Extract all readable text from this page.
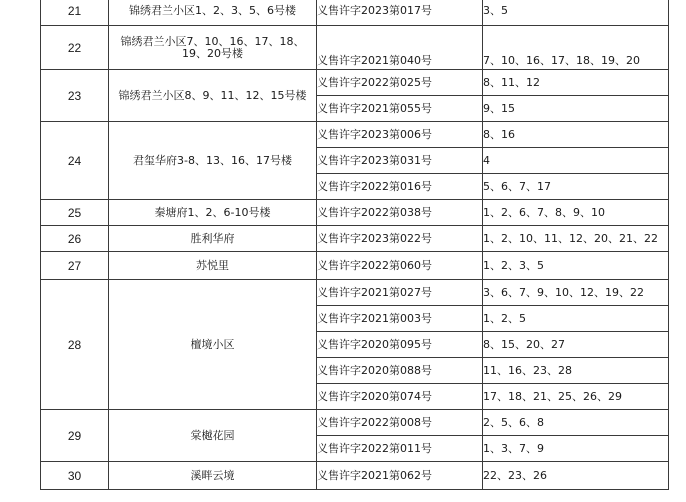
21	锦绣君兰小区1、2、3、5、6号楼	义售许字2023第017号	3、5
22	锦绣君兰小区7、10、16、17、18、19、20号楼	义售许字2021第040号	7、10、16、17、18、19、20
23	锦绣君兰小区8、9、11、12、15号楼	义售许字2022第025号	8、11、12
		义售许字2021第055号	9、15
24	君玺华府3-8、13、16、17号楼	义售许字2023第006号	8、16
		义售许字2023第031号	4
		义售许字2022第016号	5、6、7、17
25	秦塘府1、2、6-10号楼	义售许字2022第038号	1、2、6、7、8、9、10
26	胜利华府	义售许字2023第022号	1、2、10、11、12、20、21、22
27	苏悦里	义售许字2022第060号	1、2、3、5
28	檀境小区	义售许字2021第027号	3、6、7、9、10、12、19、22
		义售许字2021第003号	1、2、5
		义售许字2020第095号	8、15、20、27
		义售许字2020第088号	11、16、23、28
		义售许字2020第074号	17、18、21、25、26、29
29	棠樾花园	义售许字2022第008号	2、5、6、8
		义售许字2022第011号	1、3、7、9
30	溪畔云境	义售许字2021第062号	22、23、26
